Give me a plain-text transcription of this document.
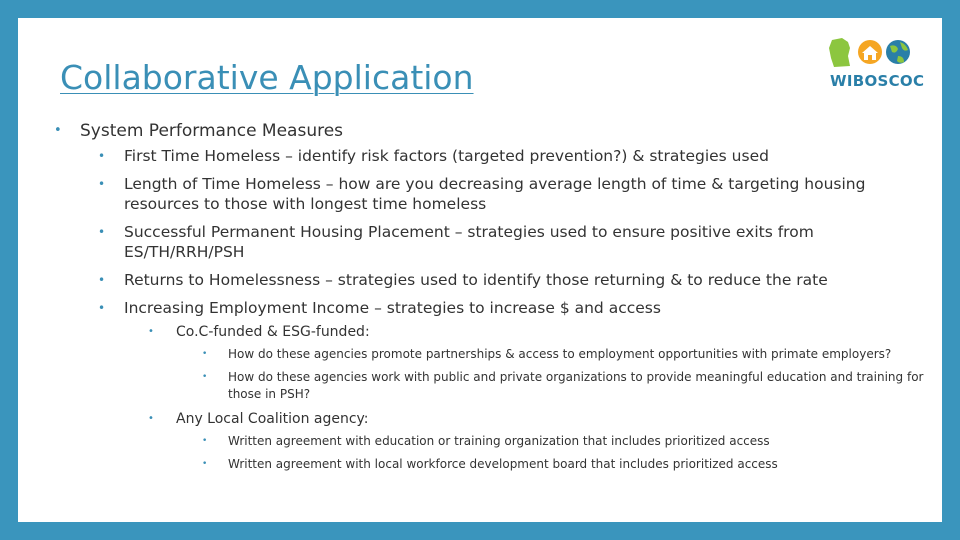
Collaborative Application	WIBOSCOC
• System Performance Measures
• First Time Homeless – identify risk factors (targeted prevention?) & strategies used
• Length of Time Homeless – how are you decreasing average length of time & targeting housing resources to those with longest time homeless
• Successful Permanent Housing Placement – strategies used to ensure positive exits from ES/TH/RRH/PSH
• Returns to Homelessness – strategies used to identify those returning & to reduce the rate
• Increasing Employment Income – strategies to increase $ and access
• Co.C-funded & ESG-funded:
• How do these agencies promote partnerships & access to employment opportunities with primate employers?
• How do these agencies work with public and private organizations to provide meaningful education and training for those in PSH?
• Any Local Coalition agency:
• Written agreement with education or training organization that includes prioritized access
• Written agreement with local workforce development board that includes prioritized access
